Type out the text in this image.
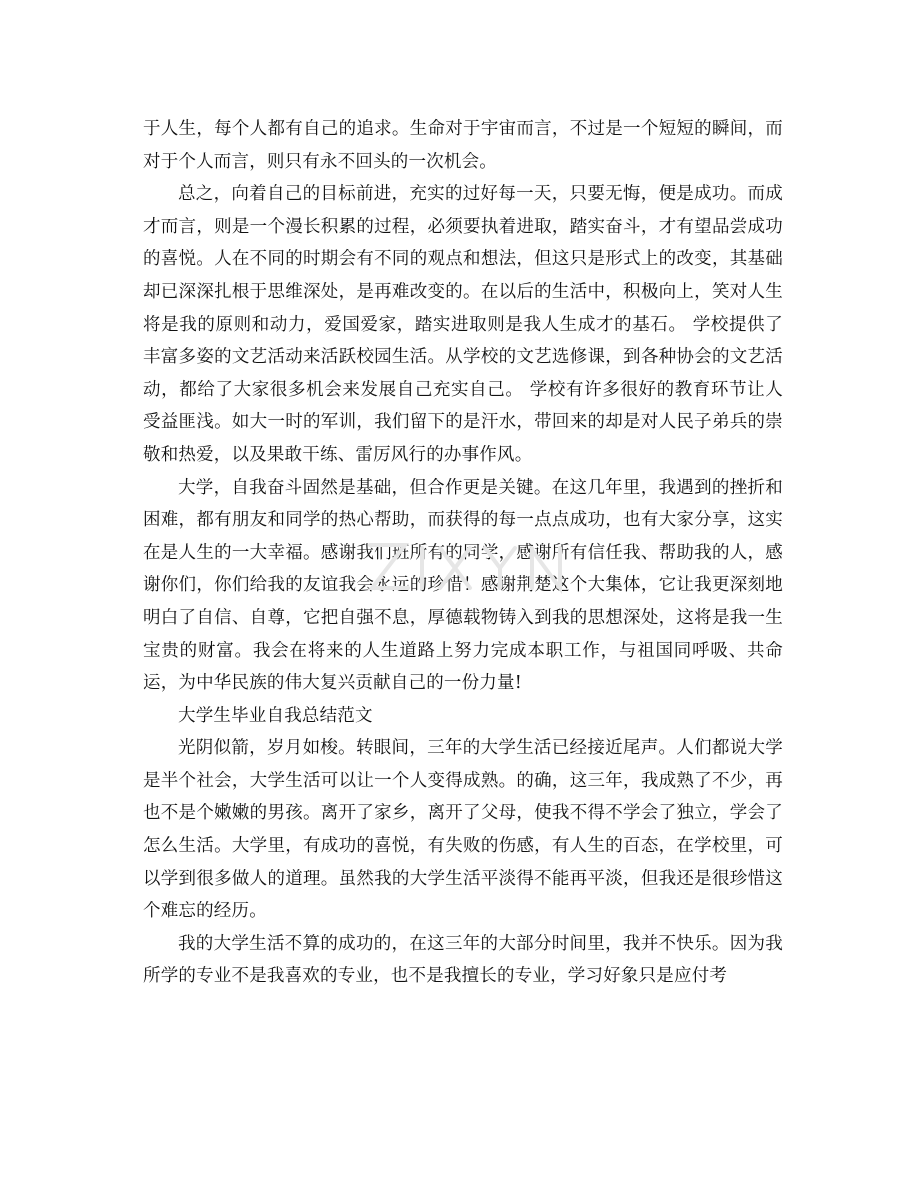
于人生，每个人都有自己的追求。生命对于宇宙而言，不过是一个短短的瞬间，而对于个人而言，则只有永不回头的一次机会。

总之，向着自己的目标前进，充实的过好每一天，只要无悔，便是成功。而成才而言，则是一个漫长积累的过程，必须要执着进取，踏实奋斗，才有望品尝成功的喜悦。人在不同的时期会有不同的观点和想法，但这只是形式上的改变，其基础却已深深扎根于思维深处，是再难改变的。在以后的生活中，积极向上，笑对人生将是我的原则和动力，爱国爱家，踏实进取则是我人生成才的基石。 学校提供了丰富多姿的文艺活动来活跃校园生活。从学校的文艺选修课，到各种协会的文艺活动，都给了大家很多机会来发展自己充实自己。 学校有许多很好的教育环节让人受益匪浅。如大一时的军训，我们留下的是汗水，带回来的却是对人民子弟兵的崇敬和热爱，以及果敢干练、雷厉风行的办事作风。

大学，自我奋斗固然是基础，但合作更是关键。在这几年里，我遇到的挫折和困难，都有朋友和同学的热心帮助，而获得的每一点点成功，也有大家分享，这实在是人生的一大幸福。感谢我们班所有的同学，感谢所有信任我、帮助我的人，感谢你们，你们给我的友谊我会永远的珍惜！感谢荆楚这个大集体，它让我更深刻地明白了自信、自尊，它把自强不息，厚德载物铸入到我的思想深处，这将是我一生宝贵的财富。我会在将来的人生道路上努力完成本职工作，与祖国同呼吸、共命运，为中华民族的伟大复兴贡献自己的一份力量!

大学生毕业自我总结范文

光阴似箭，岁月如梭。转眼间，三年的大学生活已经接近尾声。人们都说大学是半个社会，大学生活可以让一个人变得成熟。的确，这三年，我成熟了不少，再也不是个嫩嫩的男孩。离开了家乡，离开了父母，使我不得不学会了独立，学会了怎么生活。大学里，有成功的喜悦，有失败的伤感，有人生的百态，在学校里，可以学到很多做人的道理。虽然我的大学生活平淡得不能再平淡，但我还是很珍惜这个难忘的经历。

我的大学生活不算的成功的，在这三年的大部分时间里，我并不快乐。因为我所学的专业不是我喜欢的专业，也不是我擅长的专业，学习好象只是应付考
